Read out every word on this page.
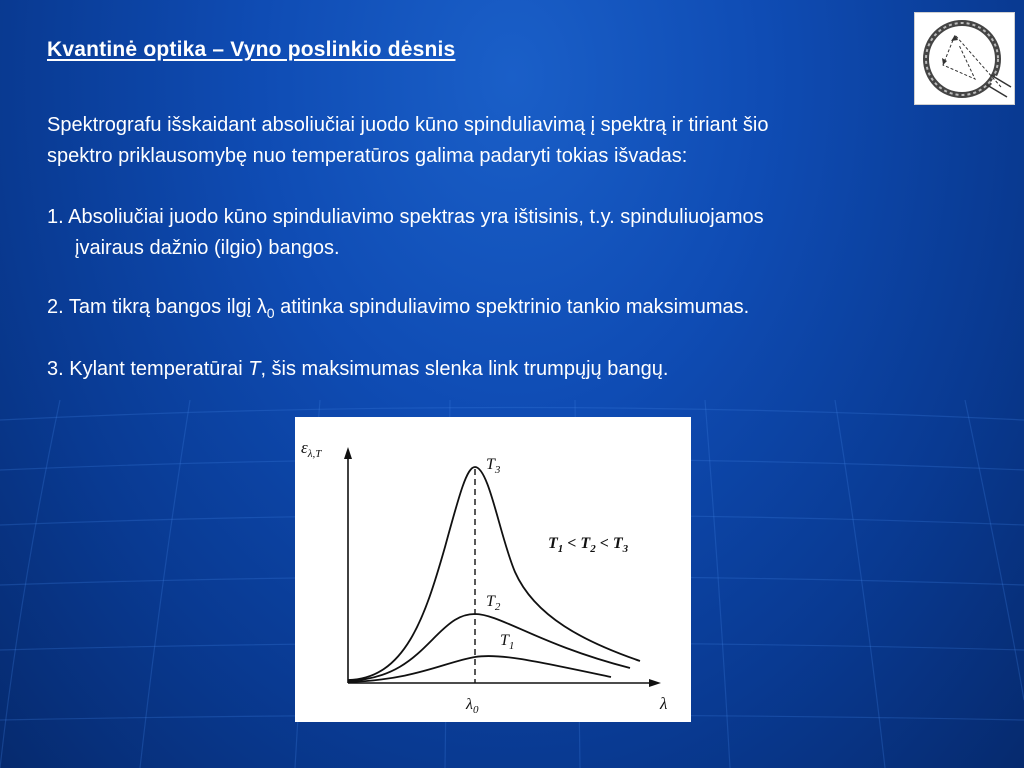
Kvantinė optika – Vyno poslinkio dėsnis

Spektrografu išskaidant absoliučiai juodo kūno spinduliavimą į spektrą ir tiriant šio
spektro priklausomybę nuo temperatūros galima padaryti tokias išvadas:

1. Absoliučiai juodo kūno spinduliavimo spektras yra ištisinis, t.y. spinduliuojamos
įvairaus dažnio (ilgio) bangos.

2. Tam tikrą bangos ilgį $\lambda_0$ atitinka spinduliavimo spektrinio tankio maksimumas.

3. Kylant temperatūrai T, šis maksimumas slenka link trumpųjų bangų.

$\varepsilon_{\lambda,T}$
λ
$\lambda_0$
$T_3$
$T_2$
$T_1$
$T_1 < T_2 < T_3$
